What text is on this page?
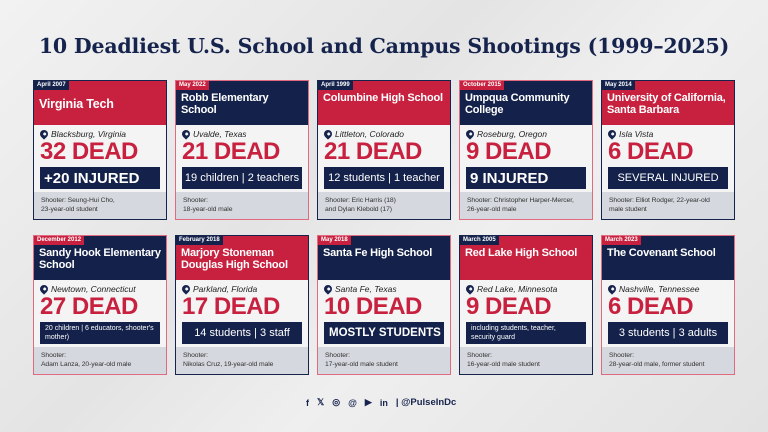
10 Deadliest U.S. School and Campus Shootings (1999–2025)
April 2007
Virginia Tech
Blacksburg, Virginia
32 DEAD
+20 INJURED
Shooter: Seung-Hui Cho,
23-year-old student
May 2022
Robb Elementary School
Uvalde, Texas
21 DEAD
19 children | 2 teachers
Shooter:
18-year-old male
April 1999
Columbine High School
Littleton, Colorado
21 DEAD
12 students | 1 teacher
Shooter: Eric Harris (18)
and Dylan Klebold (17)
October 2015
Umpqua Community College
Roseburg, Oregon
9 DEAD
9 INJURED
Shooter: Christopher Harper-Mercer,
26-year-old male
May 2014
University of California, Santa Barbara
Isla Vista
6 DEAD
SEVERAL INJURED
Shooter: Elliot Rodger, 22-year-old
male student
December 2012
Sandy Hook Elementary School
Newtown, Connecticut
27 DEAD
20 children | 6 educators, shooter's mother)
Shooter:
Adam Lanza, 20-year-old male
February 2018
Marjory Stoneman Douglas High School
Parkland, Florida
17 DEAD
14 students | 3 staff
Shooter:
Nikolas Cruz, 19-year-old male
May 2018
Santa Fe High School
Santa Fe, Texas
10 DEAD
MOSTLY STUDENTS
Shooter:
17-year-old male student
March 2005
Red Lake High School
Red Lake, Minnesota
9 DEAD
including students, teacher, security guard
Shooter:
16-year-old male student
March 2023
The Covenant School
Nashville, Tennessee
6 DEAD
3 students | 3 adults
Shooter:
28-year-old male, former student
f 𝕏 ◎ @ ▶ in | @PulseInDc
